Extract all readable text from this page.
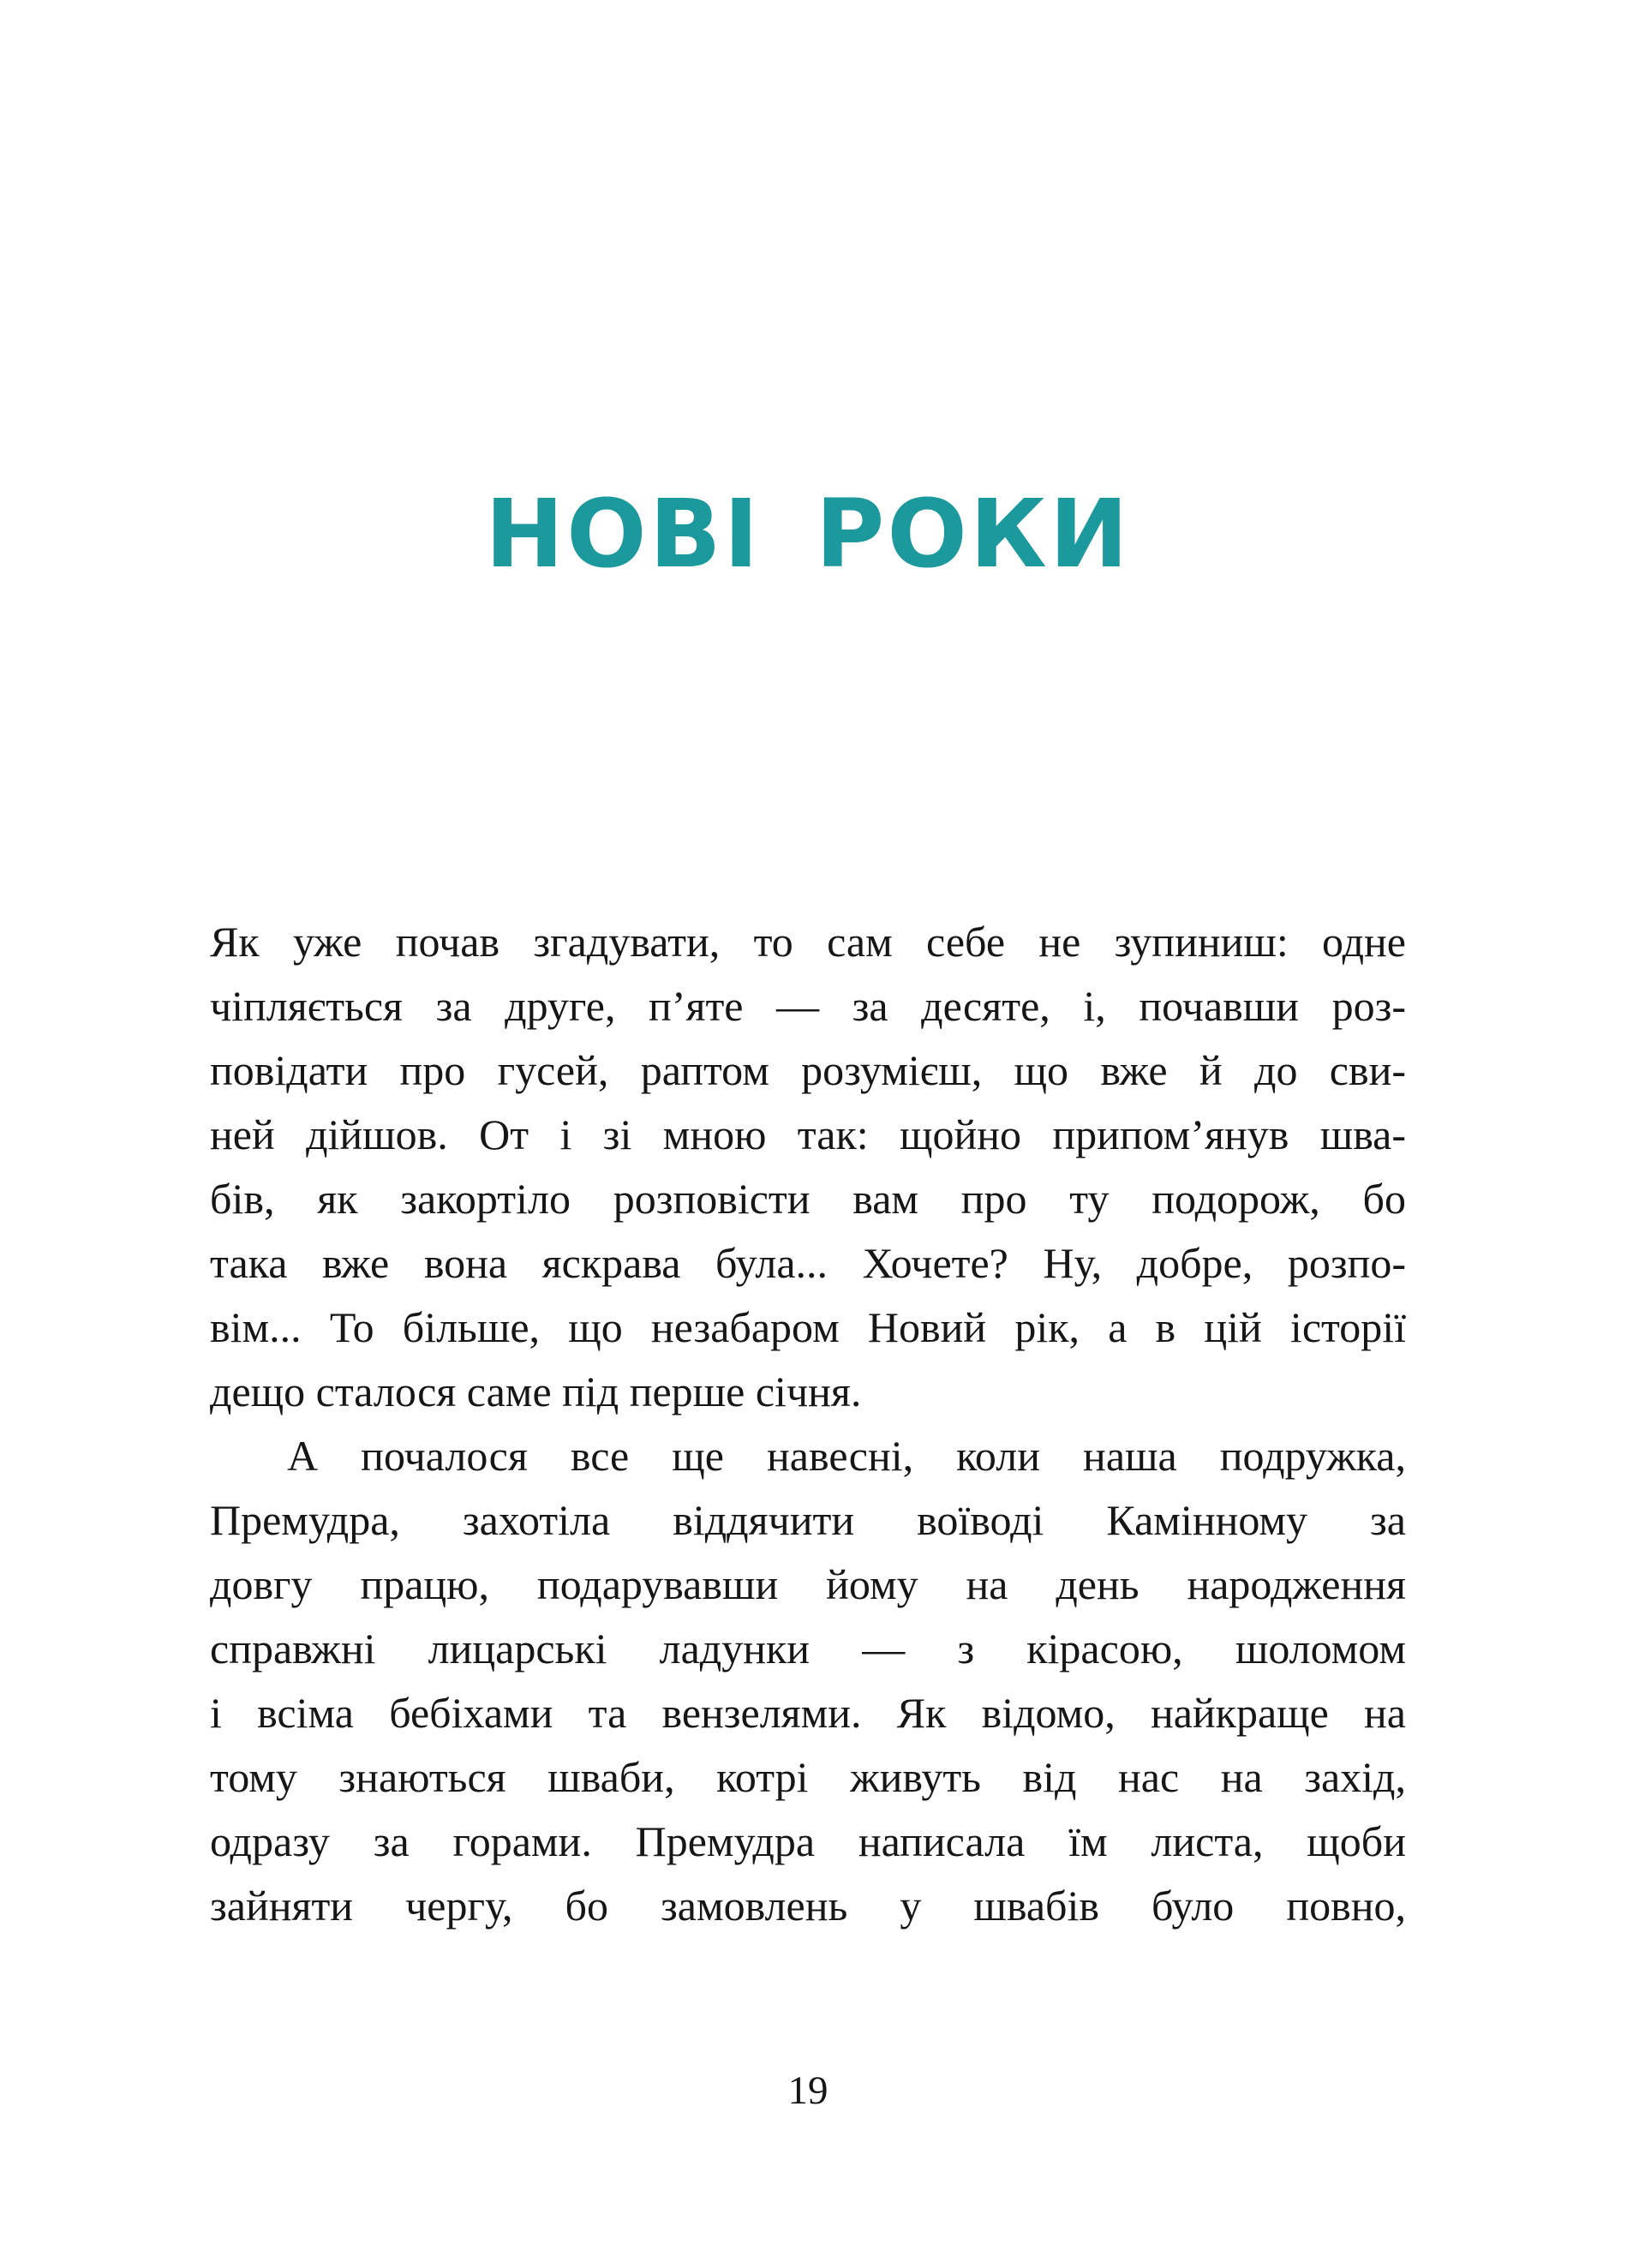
НОВІ РОКИ
Як уже почав згадувати, то сам себе не зупиниш: одне
чіпляється за друге, п’яте — за десяте, і, почавши роз-
повідати про гусей, раптом розумієш, що вже й до сви-
ней дійшов. От і зі мною так: щойно припом’янув шва-
бів, як закортіло розповісти вам про ту подорож, бо
така вже вона яскрава була... Хочете? Ну, добре, розпо-
вім... То більше, що незабаром Новий рік, а в цій історії
дещо сталося саме під перше січня.
А почалося все ще навесні, коли наша подружка,
Премудра, захотіла віддячити воїводі Камінному за
довгу працю, подарувавши йому на день народження
справжні лицарські ладунки — з кірасою, шоломом
і всіма бебіхами та вензелями. Як відомо, найкраще на
тому знаються шваби, котрі живуть від нас на захід,
одразу за горами. Премудра написала їм листа, щоби
зайняти чергу, бо замовлень у швабів було повно,
19
